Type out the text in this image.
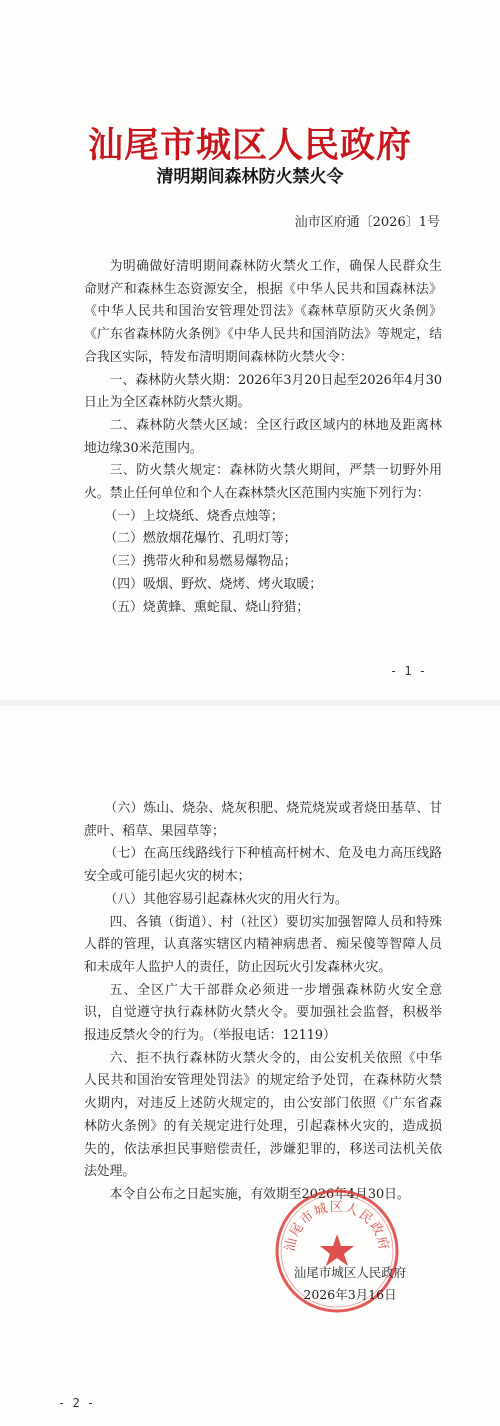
汕尾市城区人民政府
清明期间森林防火禁火令
汕市区府通〔2026〕1号

为明确做好清明期间森林防火禁火工作，确保人民群众生命财产和森林生态资源安全，根据《中华人民共和国森林法》《中华人民共和国治安管理处罚法》《森林草原防灭火条例》《广东省森林防火条例》《中华人民共和国消防法》等规定，结合我区实际，特发布清明期间森林防火禁火令：

一、森林防火禁火期：2026年3月20日起至2026年4月30日止为全区森林防火禁火期。

二、森林防火禁火区域：全区行政区域内的林地及距离林地边缘30米范围内。

三、防火禁火规定：森林防火禁火期间，严禁一切野外用火。禁止任何单位和个人在森林禁火区范围内实施下列行为：

（一）上坟烧纸、烧香点烛等；

（二）燃放烟花爆竹、孔明灯等；

（三）携带火种和易燃易爆物品；

（四）吸烟、野炊、烧烤、烤火取暖；

（五）烧黄蜂、熏蛇鼠、烧山狩猎；

- 1 -

（六）炼山、烧杂、烧灰积肥、烧荒烧炭或者烧田基草、甘蔗叶、稻草、果园草等；

（七）在高压线路线行下种植高杆树木、危及电力高压线路安全或可能引起火灾的树木；

（八）其他容易引起森林火灾的用火行为。

四、各镇（街道）、村（社区）要切实加强智障人员和特殊人群的管理，认真落实辖区内精神病患者、痴呆傻等智障人员和未成年人监护人的责任，防止因玩火引发森林火灾。

五、全区广大干部群众必须进一步增强森林防火安全意识，自觉遵守执行森林防火禁火令。要加强社会监督，积极举报违反禁火令的行为。（举报电话：12119）

六、拒不执行森林防火禁火令的，由公安机关依照《中华人民共和国治安管理处罚法》的规定给予处罚，在森林防火禁火期内，对违反上述防火规定的，由公安部门依照《广东省森林防火条例》的有关规定进行处理，引起森林火灾的，造成损失的，依法承担民事赔偿责任，涉嫌犯罪的，移送司法机关依法处理。

本令自公布之日起实施，有效期至2026年4月30日。

汕尾市城区人民政府
汕尾市城区人民政府
2026年3月16日
- 2 -
